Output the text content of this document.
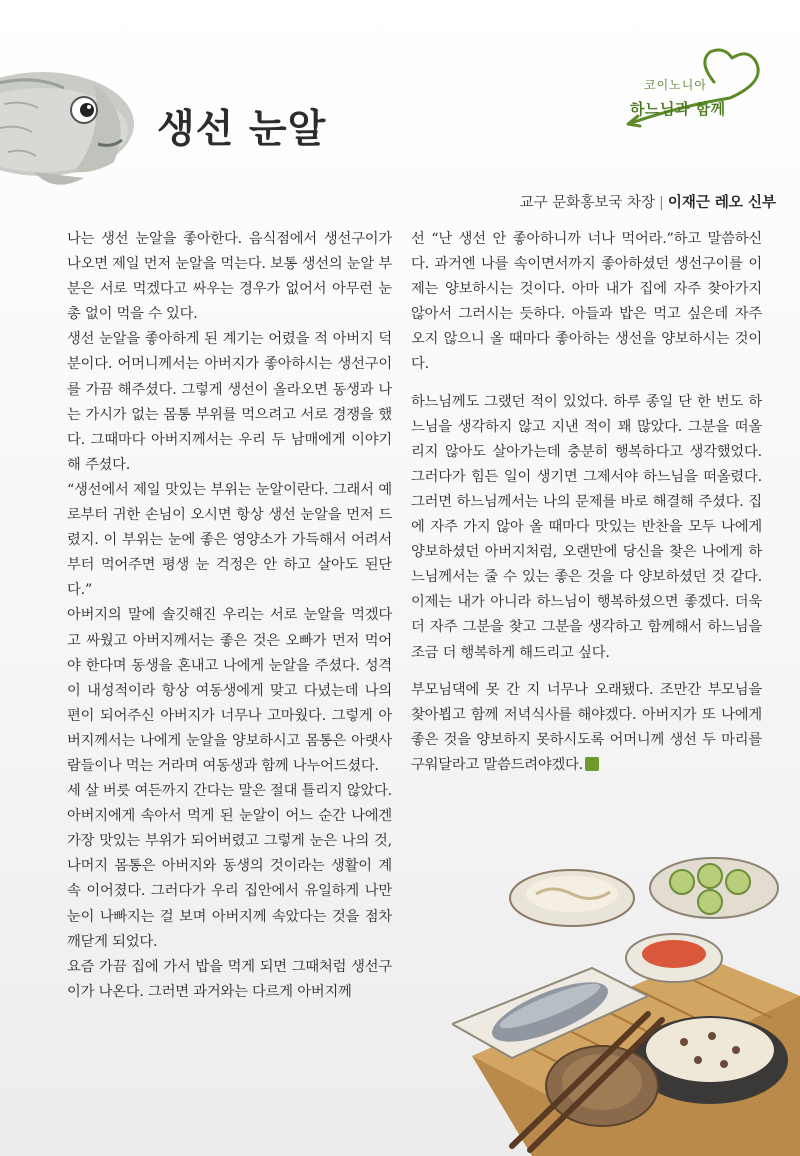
생선 눈알
코이노니아
하느님과 함께
교구 문화홍보국 차장 | 이재근 레오 신부

나는 생선 눈알을 좋아한다. 음식점에서 생선구이가 나오면 제일 먼저 눈알을 먹는다. 보통 생선의 눈알 부분은 서로 먹겠다고 싸우는 경우가 없어서 아무런 눈총 없이 먹을 수 있다.

생선 눈알을 좋아하게 된 계기는 어렸을 적 아버지 덕분이다. 어머니께서는 아버지가 좋아하시는 생선구이를 가끔 해주셨다. 그렇게 생선이 올라오면 동생과 나는 가시가 없는 몸통 부위를 먹으려고 서로 경쟁을 했다. 그때마다 아버지께서는 우리 두 남매에게 이야기해 주셨다.

“생선에서 제일 맛있는 부위는 눈알이란다. 그래서 예로부터 귀한 손님이 오시면 항상 생선 눈알을 먼저 드렸지. 이 부위는 눈에 좋은 영양소가 가득해서 어려서부터 먹어주면 평생 눈 걱정은 안 하고 살아도 된단다.”

아버지의 말에 솔깃해진 우리는 서로 눈알을 먹겠다고 싸웠고 아버지께서는 좋은 것은 오빠가 먼저 먹어야 한다며 동생을 혼내고 나에게 눈알을 주셨다. 성격이 내성적이라 항상 여동생에게 맞고 다녔는데 나의 편이 되어주신 아버지가 너무나 고마웠다. 그렇게 아버지께서는 나에게 눈알을 양보하시고 몸통은 아랫사람들이나 먹는 거라며 여동생과 함께 나누어드셨다.

세 살 버릇 여든까지 간다는 말은 절대 틀리지 않았다. 아버지에게 속아서 먹게 된 눈알이 어느 순간 나에겐 가장 맛있는 부위가 되어버렸고 그렇게 눈은 나의 것, 나머지 몸통은 아버지와 동생의 것이라는 생활이 계속 이어졌다. 그러다가 우리 집안에서 유일하게 나만 눈이 나빠지는 걸 보며 아버지께 속았다는 것을 점차 깨닫게 되었다.

요즘 가끔 집에 가서 밥을 먹게 되면 그때처럼 생선구이가 나온다. 그러면 과거와는 다르게 아버지께

선 “난 생선 안 좋아하니까 너나 먹어라.”하고 말씀하신다. 과거엔 나를 속이면서까지 좋아하셨던 생선구이를 이제는 양보하시는 것이다. 아마 내가 집에 자주 찾아가지 않아서 그러시는 듯하다. 아들과 밥은 먹고 싶은데 자주 오지 않으니 올 때마다 좋아하는 생선을 양보하시는 것이다.

하느님께도 그랬던 적이 있었다. 하루 종일 단 한 번도 하느님을 생각하지 않고 지낸 적이 꽤 많았다. 그분을 떠올리지 않아도 살아가는데 충분히 행복하다고 생각했었다. 그러다가 힘든 일이 생기면 그제서야 하느님을 떠올렸다. 그러면 하느님께서는 나의 문제를 바로 해결해 주셨다. 집에 자주 가지 않아 올 때마다 맛있는 반찬을 모두 나에게 양보하셨던 아버지처럼, 오랜만에 당신을 찾은 나에게 하느님께서는 줄 수 있는 좋은 것을 다 양보하셨던 것 같다. 이제는 내가 아니라 하느님이 행복하셨으면 좋겠다. 더욱더 자주 그분을 찾고 그분을 생각하고 함께해서 하느님을 조금 더 행복하게 해드리고 싶다.

부모님댁에 못 간 지 너무나 오래됐다. 조만간 부모님을 찾아뵙고 함께 저녁식사를 해야겠다. 아버지가 또 나에게 좋은 것을 양보하지 못하시도록 어머니께 생선 두 마리를 구워달라고 말씀드려야겠다.
